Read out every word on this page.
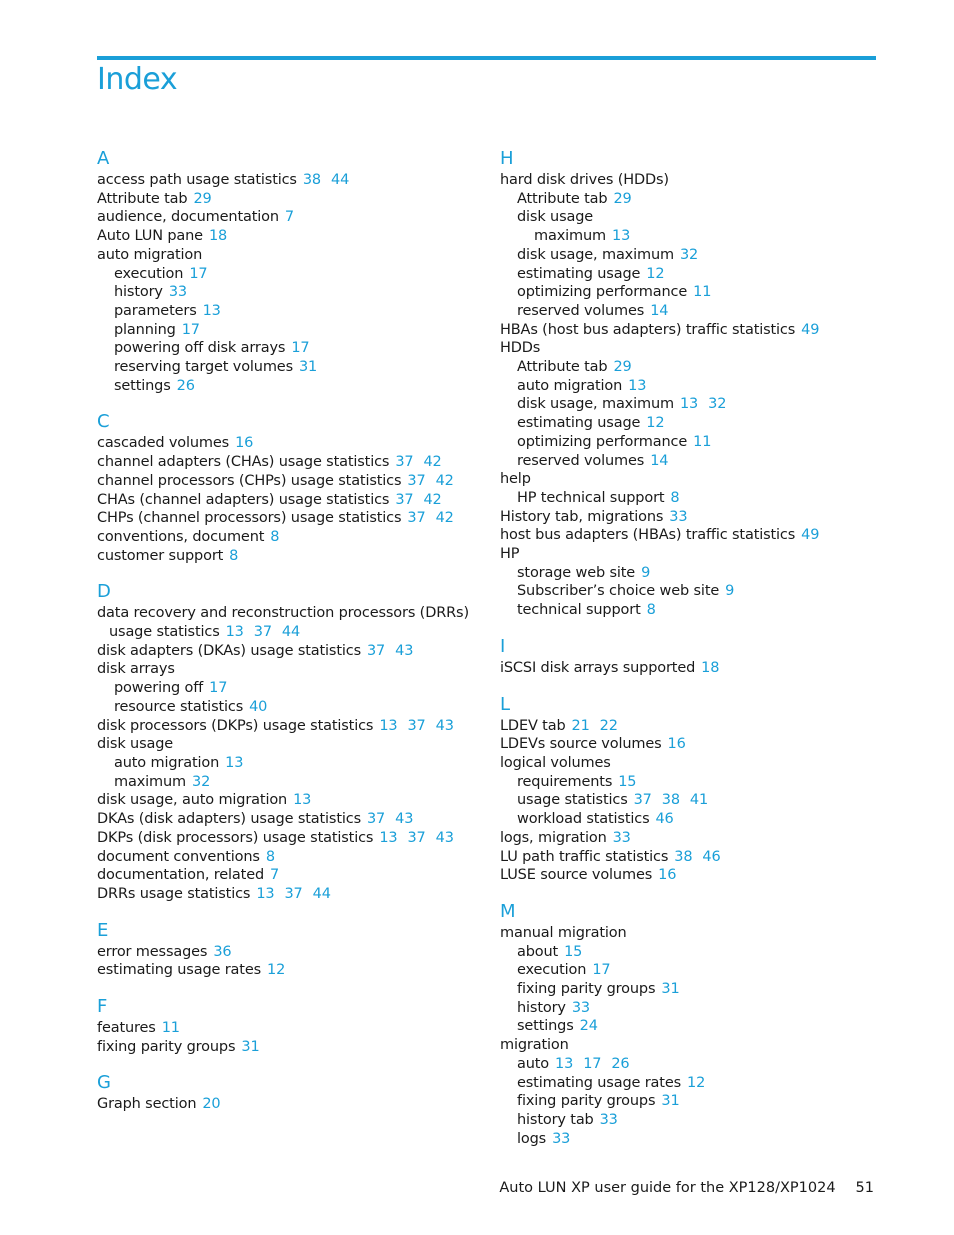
Index
A
access path usage statistics 38 44
Attribute tab 29
audience, documentation 7
Auto LUN pane 18
auto migration
execution 17
history 33
parameters 13
planning 17
powering off disk arrays 17
reserving target volumes 31
settings 26
C
cascaded volumes 16
channel adapters (CHAs) usage statistics 37 42
channel processors (CHPs) usage statistics 37 42
CHAs (channel adapters) usage statistics 37 42
CHPs (channel processors) usage statistics 37 42
conventions, document 8
customer support 8
D
data recovery and reconstruction processors (DRRs)
usage statistics 13 37 44
disk adapters (DKAs) usage statistics 37 43
disk arrays
powering off 17
resource statistics 40
disk processors (DKPs) usage statistics 13 37 43
disk usage
auto migration 13
maximum 32
disk usage, auto migration 13
DKAs (disk adapters) usage statistics 37 43
DKPs (disk processors) usage statistics 13 37 43
document conventions 8
documentation, related 7
DRRs usage statistics 13 37 44
E
error messages 36
estimating usage rates 12
F
features 11
fixing parity groups 31
G
Graph section 20
H
hard disk drives (HDDs)
Attribute tab 29
disk usage
maximum 13
disk usage, maximum 32
estimating usage 12
optimizing performance 11
reserved volumes 14
HBAs (host bus adapters) traffic statistics 49
HDDs
Attribute tab 29
auto migration 13
disk usage, maximum 13 32
estimating usage 12
optimizing performance 11
reserved volumes 14
help
HP technical support 8
History tab, migrations 33
host bus adapters (HBAs) traffic statistics 49
HP
storage web site 9
Subscriber’s choice web site 9
technical support 8
I
iSCSI disk arrays supported 18
L
LDEV tab 21 22
LDEVs source volumes 16
logical volumes
requirements 15
usage statistics 37 38 41
workload statistics 46
logs, migration 33
LU path traffic statistics 38 46
LUSE source volumes 16
M
manual migration
about 15
execution 17
fixing parity groups 31
history 33
settings 24
migration
auto 13 17 26
estimating usage rates 12
fixing parity groups 31
history tab 33
logs 33
Auto LUN XP user guide for the XP128/XP1024 51
